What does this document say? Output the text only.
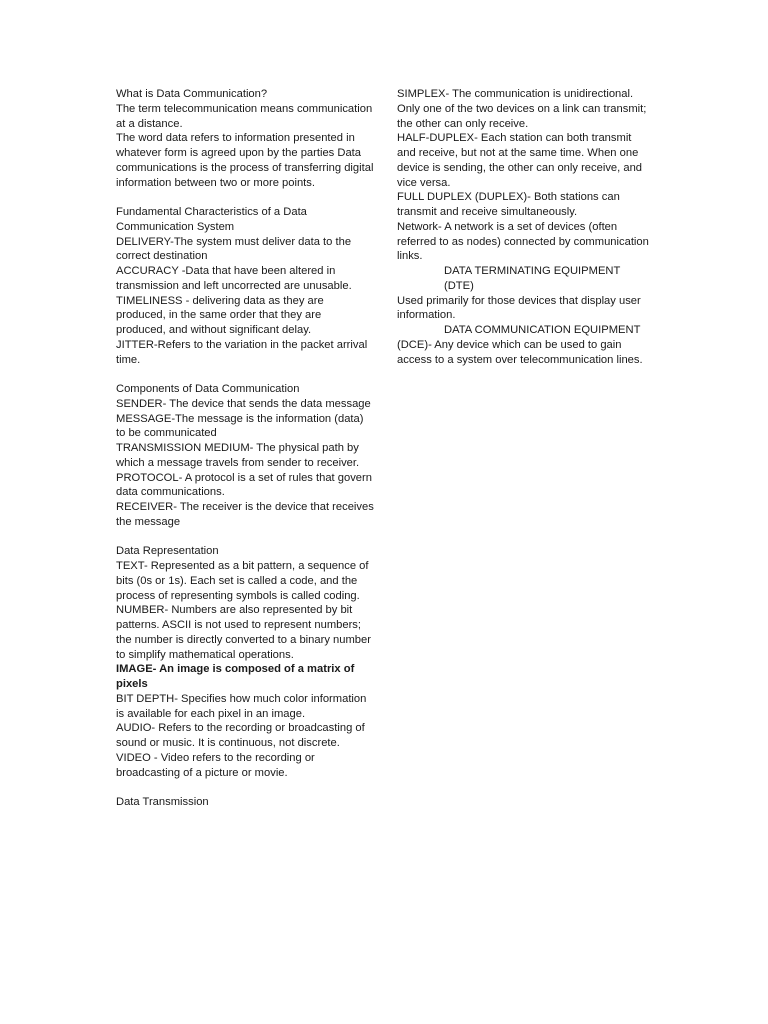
What is Data Communication?
The term telecommunication means communication at a distance.
The word data refers to information presented in whatever form is agreed upon by the parties Data communications is the process of transferring digital information between two or more points.
Fundamental Characteristics of a Data Communication System
DELIVERY-The system must deliver data to the correct destination
ACCURACY -Data that have been altered in transmission and left uncorrected are unusable.
TIMELINESS - delivering data as they are produced, in the same order that they are produced, and without significant delay.
JITTER-Refers to the variation in the packet arrival time.
Components of Data Communication
SENDER- The device that sends the data message
MESSAGE-The message is the information (data) to be communicated
TRANSMISSION MEDIUM- The physical path by which a message travels from sender to receiver.
PROTOCOL- A protocol is a set of rules that govern data communications.
RECEIVER- The receiver is the device that receives the message
Data Representation
TEXT- Represented as a bit pattern, a sequence of bits (0s or 1s). Each set is called a code, and the process of representing symbols is called coding.
NUMBER- Numbers are also represented by bit patterns. ASCII is not used to represent numbers; the number is directly converted to a binary number to simplify mathematical operations.
IMAGE- An image is composed of a matrix of pixels
BIT DEPTH- Specifies how much color information is available for each pixel in an image.
AUDIO- Refers to the recording or broadcasting of sound or music. It is continuous, not discrete.
VIDEO - Video refers to the recording or broadcasting of a picture or movie.
Data Transmission
SIMPLEX- The communication is unidirectional. Only one of the two devices on a link can transmit; the other can only receive.
HALF-DUPLEX- Each station can both transmit and receive, but not at the same time. When one device is sending, the other can only receive, and vice versa.
FULL DUPLEX (DUPLEX)- Both stations can transmit and receive simultaneously.
Network- A network is a set of devices (often referred to as nodes) connected by communication links.
DATA TERMINATING EQUIPMENT (DTE)
Used primarily for those devices that display user information.
DATA COMMUNICATION EQUIPMENT
(DCE)- Any device which can be used to gain access to a system over telecommunication lines.
